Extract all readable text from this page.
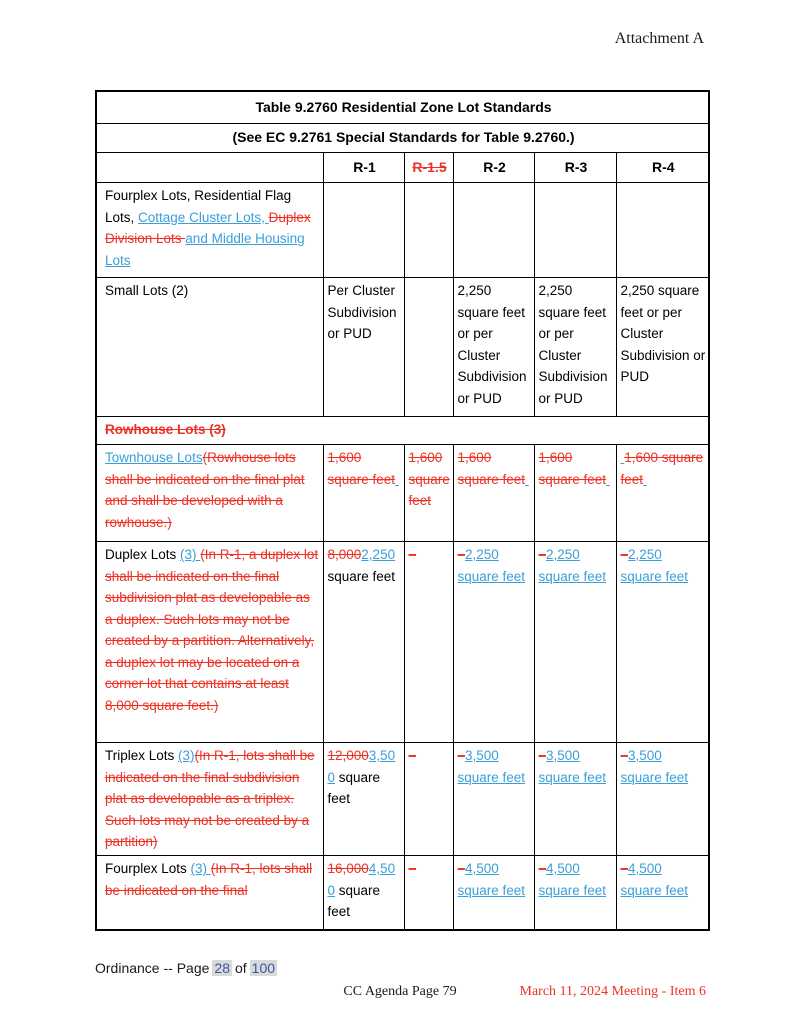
Attachment A
Table 9.2760 Residential Zone Lot Standards					
(See EC 9.2761 Special Standards for Table 9.2760.)					
	R-1	R-1.5	R-2	R-3	R-4
Fourplex Lots, Residential Flag Lots, Cottage Cluster Lots, Duplex Division Lots and Middle Housing Lots					
Small Lots (2)	Per Cluster Subdivision or PUD		2,250 square feet or per Cluster Subdivision or PUD	2,250 square feet or per Cluster Subdivision or PUD	2,250 square feet or per Cluster Subdivision or PUD
Rowhouse Lots (3)					
Townhouse Lots(Rowhouse lots shall be indicated on the final plat and shall be developed with a rowhouse.)	1,600 square feet	1,600 square feet	1,600 square feet	1,600 square feet	1,600 square feet
Duplex Lots (3) (In R-1, a duplex lot shall be indicated on the final subdivision plat as developable as a duplex. Such lots may not be created by a partition. Alternatively, a duplex lot may be located on a corner lot that contains at least 8,000 square feet.)	8,0002,250 square feet	–	–2,250 square feet	–2,250 square feet	–2,250 square feet
Triplex Lots (3)(In R-1, lots shall be indicated on the final subdivision plat as developable as a triplex. Such lots may not be created by a partition)	12,0003,500 square feet	–	–3,500 square feet	–3,500 square feet	–3,500 square feet
Fourplex Lots (3) (In R-1, lots shall be indicated on the final	16,0004,500 square feet	–	–4,500 square feet	–4,500 square feet	–4,500 square feet
Ordinance -- Page 28 of 100
CC Agenda Page 79	March 11, 2024 Meeting - Item 6
